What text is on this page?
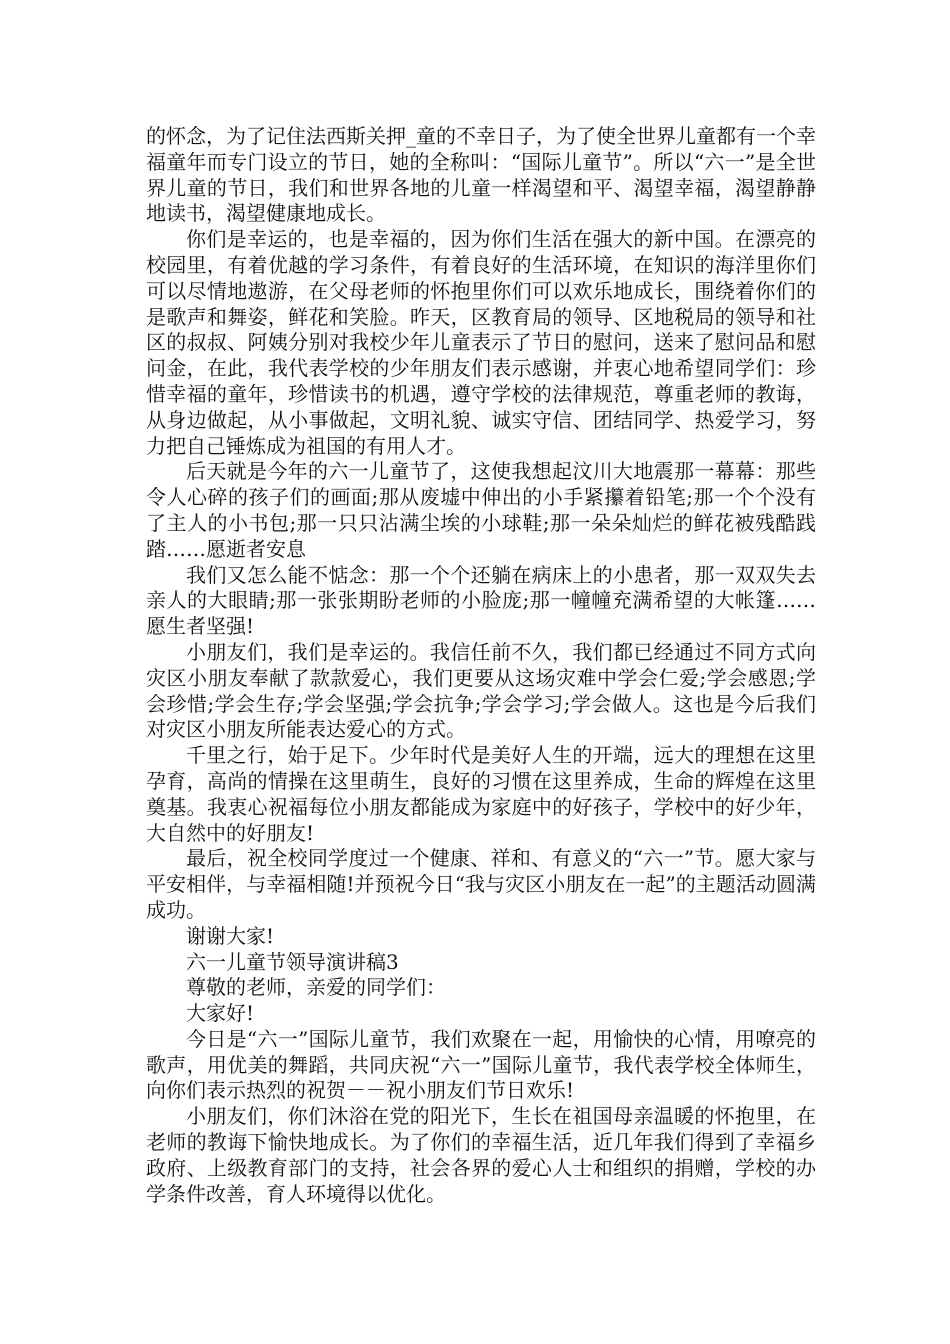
的怀念，为了记住法西斯关押_童的不幸日子，为了使全世界儿童都有一个幸福童年而专门设立的节日，她的全称叫：“国际儿童节”。所以“六一”是全世界儿童的节日，我们和世界各地的儿童一样渴望和平、渴望幸福，渴望静静地读书，渴望健康地成长。

你们是幸运的，也是幸福的，因为你们生活在强大的新中国。在漂亮的校园里，有着优越的学习条件，有着良好的生活环境，在知识的海洋里你们可以尽情地遨游，在父母老师的怀抱里你们可以欢乐地成长，围绕着你们的是歌声和舞姿，鲜花和笑脸。昨天，区教育局的领导、区地税局的领导和社区的叔叔、阿姨分别对我校少年儿童表示了节日的慰问，送来了慰问品和慰问金，在此，我代表学校的少年朋友们表示感谢，并衷心地希望同学们：珍惜幸福的童年，珍惜读书的机遇，遵守学校的法律规范，尊重老师的教诲，从身边做起，从小事做起，文明礼貌、诚实守信、团结同学、热爱学习，努力把自己锤炼成为祖国的有用人才。

后天就是今年的六一儿童节了，这使我想起汶川大地震那一幕幕：那些令人心碎的孩子们的画面;那从废墟中伸出的小手紧攥着铅笔;那一个个没有了主人的小书包;那一只只沾满尘埃的小球鞋;那一朵朵灿烂的鲜花被残酷践踏……愿逝者安息

我们又怎么能不惦念：那一个个还躺在病床上的小患者，那一双双失去亲人的大眼睛;那一张张期盼老师的小脸庞;那一幢幢充满希望的大帐篷……愿生者坚强!

小朋友们，我们是幸运的。我信任前不久，我们都已经通过不同方式向灾区小朋友奉献了款款爱心，我们更要从这场灾难中学会仁爱;学会感恩;学会珍惜;学会生存;学会坚强;学会抗争;学会学习;学会做人。这也是今后我们对灾区小朋友所能表达爱心的方式。

千里之行，始于足下。少年时代是美好人生的开端，远大的理想在这里孕育，高尚的情操在这里萌生，良好的习惯在这里养成，生命的辉煌在这里奠基。我衷心祝福每位小朋友都能成为家庭中的好孩子，学校中的好少年，大自然中的好朋友!

最后，祝全校同学度过一个健康、祥和、有意义的“六一”节。愿大家与平安相伴，与幸福相随!并预祝今日“我与灾区小朋友在一起”的主题活动圆满成功。

谢谢大家!

六一儿童节领导演讲稿3

尊敬的老师，亲爱的同学们：

大家好!

今日是“六一”国际儿童节，我们欢聚在一起，用愉快的心情，用嘹亮的歌声，用优美的舞蹈，共同庆祝“六一”国际儿童节，我代表学校全体师生，向你们表示热烈的祝贺－－祝小朋友们节日欢乐!

小朋友们，你们沐浴在党的阳光下，生长在祖国母亲温暖的怀抱里，在老师的教诲下愉快地成长。为了你们的幸福生活，近几年我们得到了幸福乡政府、上级教育部门的支持，社会各界的爱心人士和组织的捐赠，学校的办学条件改善，育人环境得以优化。
